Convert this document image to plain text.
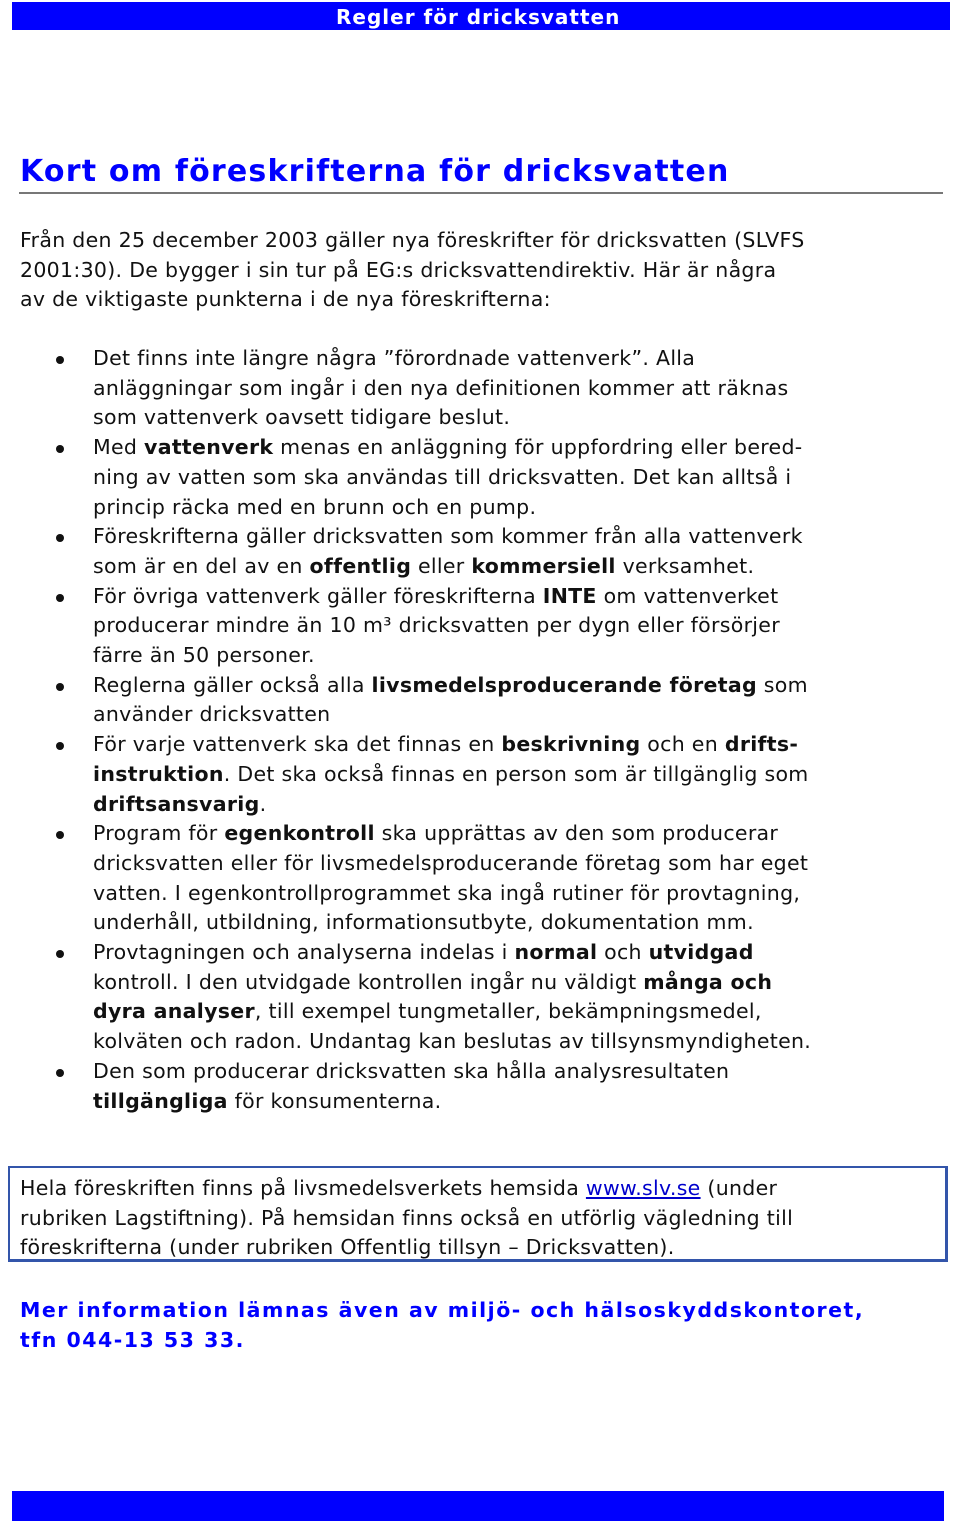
Regler för dricksvatten
Kort om föreskrifterna för dricksvatten
Från den 25 december 2003 gäller nya föreskrifter för dricksvatten (SLVFS
2001:30). De bygger i sin tur på EG:s dricksvattendirektiv. Här är några
av de viktigaste punkterna i de nya föreskrifterna:
Det finns inte längre några ”förordnade vattenverk”. Alla
anläggningar som ingår i den nya definitionen kommer att räknas
som vattenverk oavsett tidigare beslut.
Med vattenverk menas en anläggning för uppfordring eller bered-
ning av vatten som ska användas till dricksvatten. Det kan alltså i
princip räcka med en brunn och en pump.
Föreskrifterna gäller dricksvatten som kommer från alla vattenverk
som är en del av en offentlig eller kommersiell verksamhet.
För övriga vattenverk gäller föreskrifterna INTE om vattenverket
producerar mindre än 10 m³ dricksvatten per dygn eller försörjer
färre än 50 personer.
Reglerna gäller också alla livsmedelsproducerande företag som
använder dricksvatten
För varje vattenverk ska det finnas en beskrivning och en drifts-
instruktion. Det ska också finnas en person som är tillgänglig som
driftsansvarig.
Program för egenkontroll ska upprättas av den som producerar
dricksvatten eller för livsmedelsproducerande företag som har eget
vatten. I egenkontrollprogrammet ska ingå rutiner för provtagning,
underhåll, utbildning, informationsutbyte, dokumentation mm.
Provtagningen och analyserna indelas i normal och utvidgad
kontroll. I den utvidgade kontrollen ingår nu väldigt många och
dyra analyser, till exempel tungmetaller, bekämpningsmedel,
kolväten och radon. Undantag kan beslutas av tillsynsmyndigheten.
Den som producerar dricksvatten ska hålla analysresultaten
tillgängliga för konsumenterna.

Hela föreskriften finns på livsmedelsverkets hemsida www.slv.se (under
rubriken Lagstiftning). På hemsidan finns också en utförlig vägledning till
föreskrifterna (under rubriken Offentlig tillsyn – Dricksvatten).

Mer information lämnas även av miljö- och hälsoskyddskontoret,
tfn 044-13 53 33.
